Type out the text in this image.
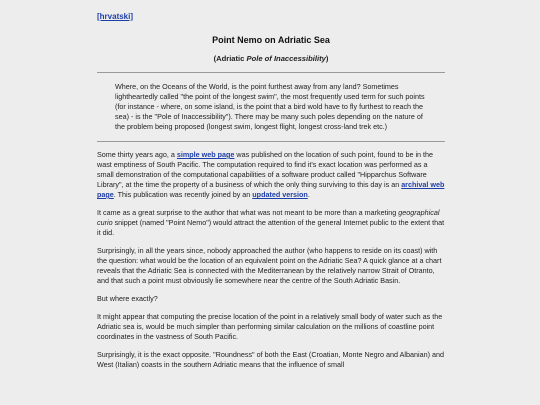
[hrvatski]
Point Nemo on Adriatic Sea
(Adriatic Pole of Inaccessibility)
Where, on the Oceans of the World, is the point furthest away from any land? Sometimes lightheartedly called "the point of the longest swim", the most frequently used term for such points (for instance - where, on some island, is the point that a bird wold have to fly furthest to reach the sea) - is the "Pole of Inaccessibility"). There may be many such poles depending on the nature of the problem being proposed (longest swim, longest flight, longest cross-land trek etc.)

Some thirty years ago, a simple web page was published on the location of such point, found to be in the wast emptiness of South Pacific. The computation required to find it's exact location was performed as a small demonstration of the computational capabilities of a software product called "Hipparchus Software Library", at the time the property of a business of which the only thing surviving to this day is an archival web page. This publication was recently joined by an updated version.

It came as a great surprise to the author that what was not meant to be more than a marketing geographical curio snippet (named "Point Nemo") would attract the attention of the general Internet public to the extent that it did.

Surprisingly, in all the years since, nobody approached the author (who happens to reside on its coast) with the question: what would be the location of an equivalent point on the Adriatic Sea? A quick glance at a chart reveals that the Adriatic Sea is connected with the Mediterranean by the relatively narrow Strait of Otranto, and that such a point must obviously lie somewhere near the centre of the South Adriatic Basin.

But where exactly?

It might appear that computing the precise location of the point in a relatively small body of water such as the Adriatic sea is, would be much simpler than performing similar calculation on the millions of coastline point coordinates in the vastness of South Pacific.

Surprisingly, it is the exact opposite. "Roundness" of both the East (Croatian, Monte Negro and Albanian) and West (Italian) coasts in the southern Adriatic means that the influence of small
